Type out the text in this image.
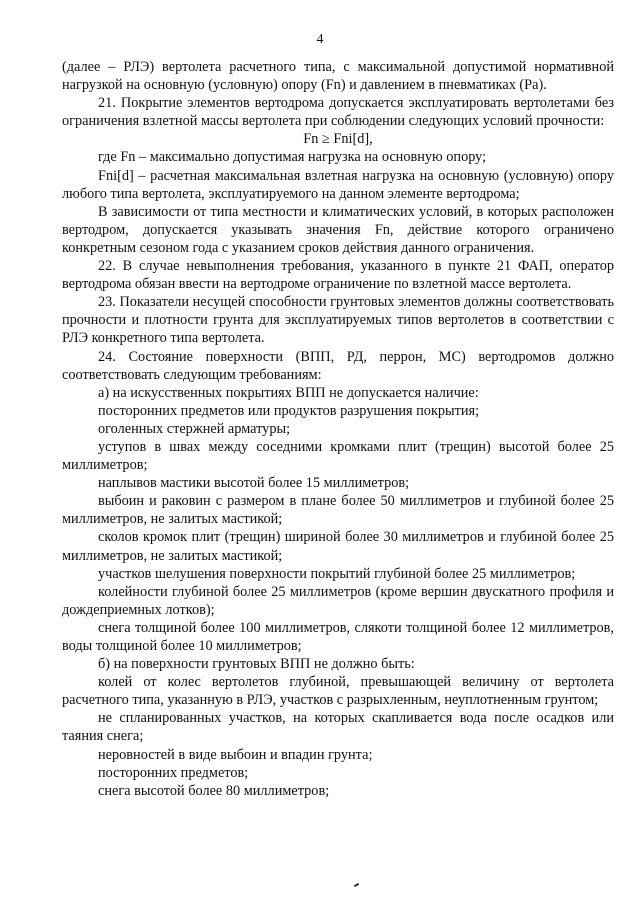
4

(далее – РЛЭ) вертолета расчетного типа, с максимальной допустимой нормативной нагрузкой на основную (условную) опору (Fn) и давлением в пневматиках (Pa).

21. Покрытие элементов вертодрома допускается эксплуатировать вертолетами без ограничения взлетной массы вертолета при соблюдении следующих условий прочности:

Fn ≥ Fni[d],

где Fn – максимально допустимая нагрузка на основную опору;

Fni[d] – расчетная максимальная взлетная нагрузка на основную (условную) опору любого типа вертолета, эксплуатируемого на данном элементе вертодрома;

В зависимости от типа местности и климатических условий, в которых расположен вертодром, допускается указывать значения Fn, действие которого ограничено конкретным сезоном года с указанием сроков действия данного ограничения.

22. В случае невыполнения требования, указанного в пункте 21 ФАП, оператор вертодрома обязан ввести на вертодроме ограничение по взлетной массе вертолета.

23. Показатели несущей способности грунтовых элементов должны соответствовать прочности и плотности грунта для эксплуатируемых типов вертолетов в соответствии с РЛЭ конкретного типа вертолета.

24. Состояние поверхности (ВПП, РД, перрон, МС) вертодромов должно соответствовать следующим требованиям:

а) на искусственных покрытиях ВПП не допускается наличие:

посторонних предметов или продуктов разрушения покрытия;

оголенных стержней арматуры;

уступов в швах между соседними кромками плит (трещин) высотой более 25 миллиметров;

наплывов мастики высотой более 15 миллиметров;

выбоин и раковин с размером в плане более 50 миллиметров и глубиной более 25 миллиметров, не залитых мастикой;

сколов кромок плит (трещин) шириной более 30 миллиметров и глубиной более 25 миллиметров, не залитых мастикой;

участков шелушения поверхности покрытий глубиной более 25 миллиметров;

колейности глубиной более 25 миллиметров (кроме вершин двускатного профиля и дождеприемных лотков);

снега толщиной более 100 миллиметров, слякоти толщиной более 12 миллиметров, воды толщиной более 10 миллиметров;

б) на поверхности грунтовых ВПП не должно быть:

колей от колес вертолетов глубиной, превышающей величину от вертолета расчетного типа, указанную в РЛЭ, участков с разрыхленным, неуплотненным грунтом;

не спланированных участков, на которых скапливается вода после осадков или таяния снега;

неровностей в виде выбоин и впадин грунта;

посторонних предметов;

снега высотой более 80 миллиметров;
